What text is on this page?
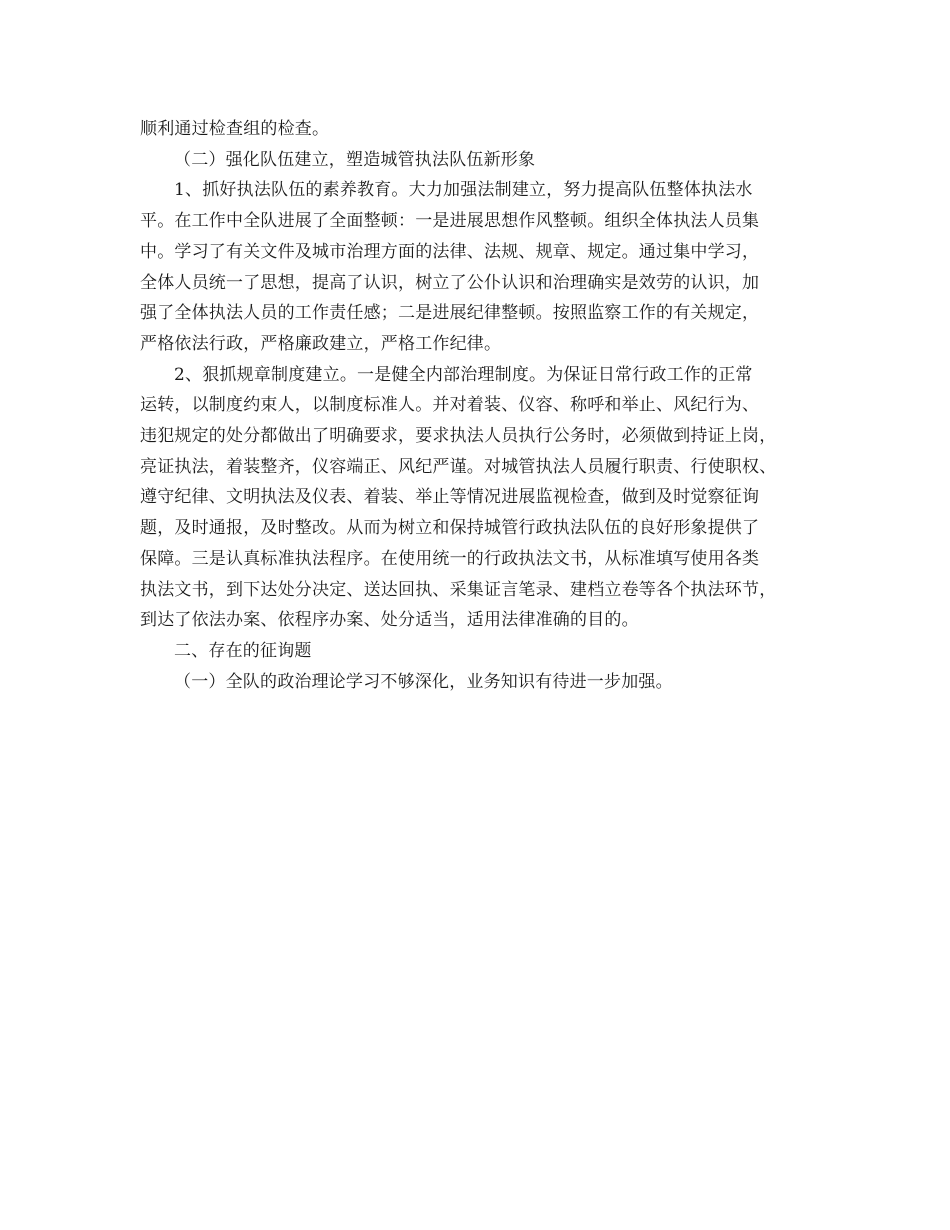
顺利通过检查组的检查。
（二）强化队伍建立，塑造城管执法队伍新形象
1、抓好执法队伍的素养教育。大力加强法制建立，努力提高队伍整体执法水
平。在工作中全队进展了全面整顿：一是进展思想作风整顿。组织全体执法人员集
中。学习了有关文件及城市治理方面的法律、法规、规章、规定。通过集中学习，
全体人员统一了思想，提高了认识，树立了公仆认识和治理确实是效劳的认识，加
强了全体执法人员的工作责任感；二是进展纪律整顿。按照监察工作的有关规定，
严格依法行政，严格廉政建立，严格工作纪律。
2、狠抓规章制度建立。一是健全内部治理制度。为保证日常行政工作的正常
运转，以制度约束人，以制度标准人。并对着装、仪容、称呼和举止、风纪行为、
违犯规定的处分都做出了明确要求，要求执法人员执行公务时，必须做到持证上岗，
亮证执法，着装整齐，仪容端正、风纪严谨。对城管执法人员履行职责、行使职权、
遵守纪律、文明执法及仪表、着装、举止等情况进展监视检查，做到及时觉察征询
题，及时通报，及时整改。从而为树立和保持城管行政执法队伍的良好形象提供了
保障。三是认真标准执法程序。在使用统一的行政执法文书，从标准填写使用各类
执法文书，到下达处分决定、送达回执、采集证言笔录、建档立卷等各个执法环节，
到达了依法办案、依程序办案、处分适当，适用法律准确的目的。
二、存在的征询题
（一）全队的政治理论学习不够深化，业务知识有待进一步加强。
